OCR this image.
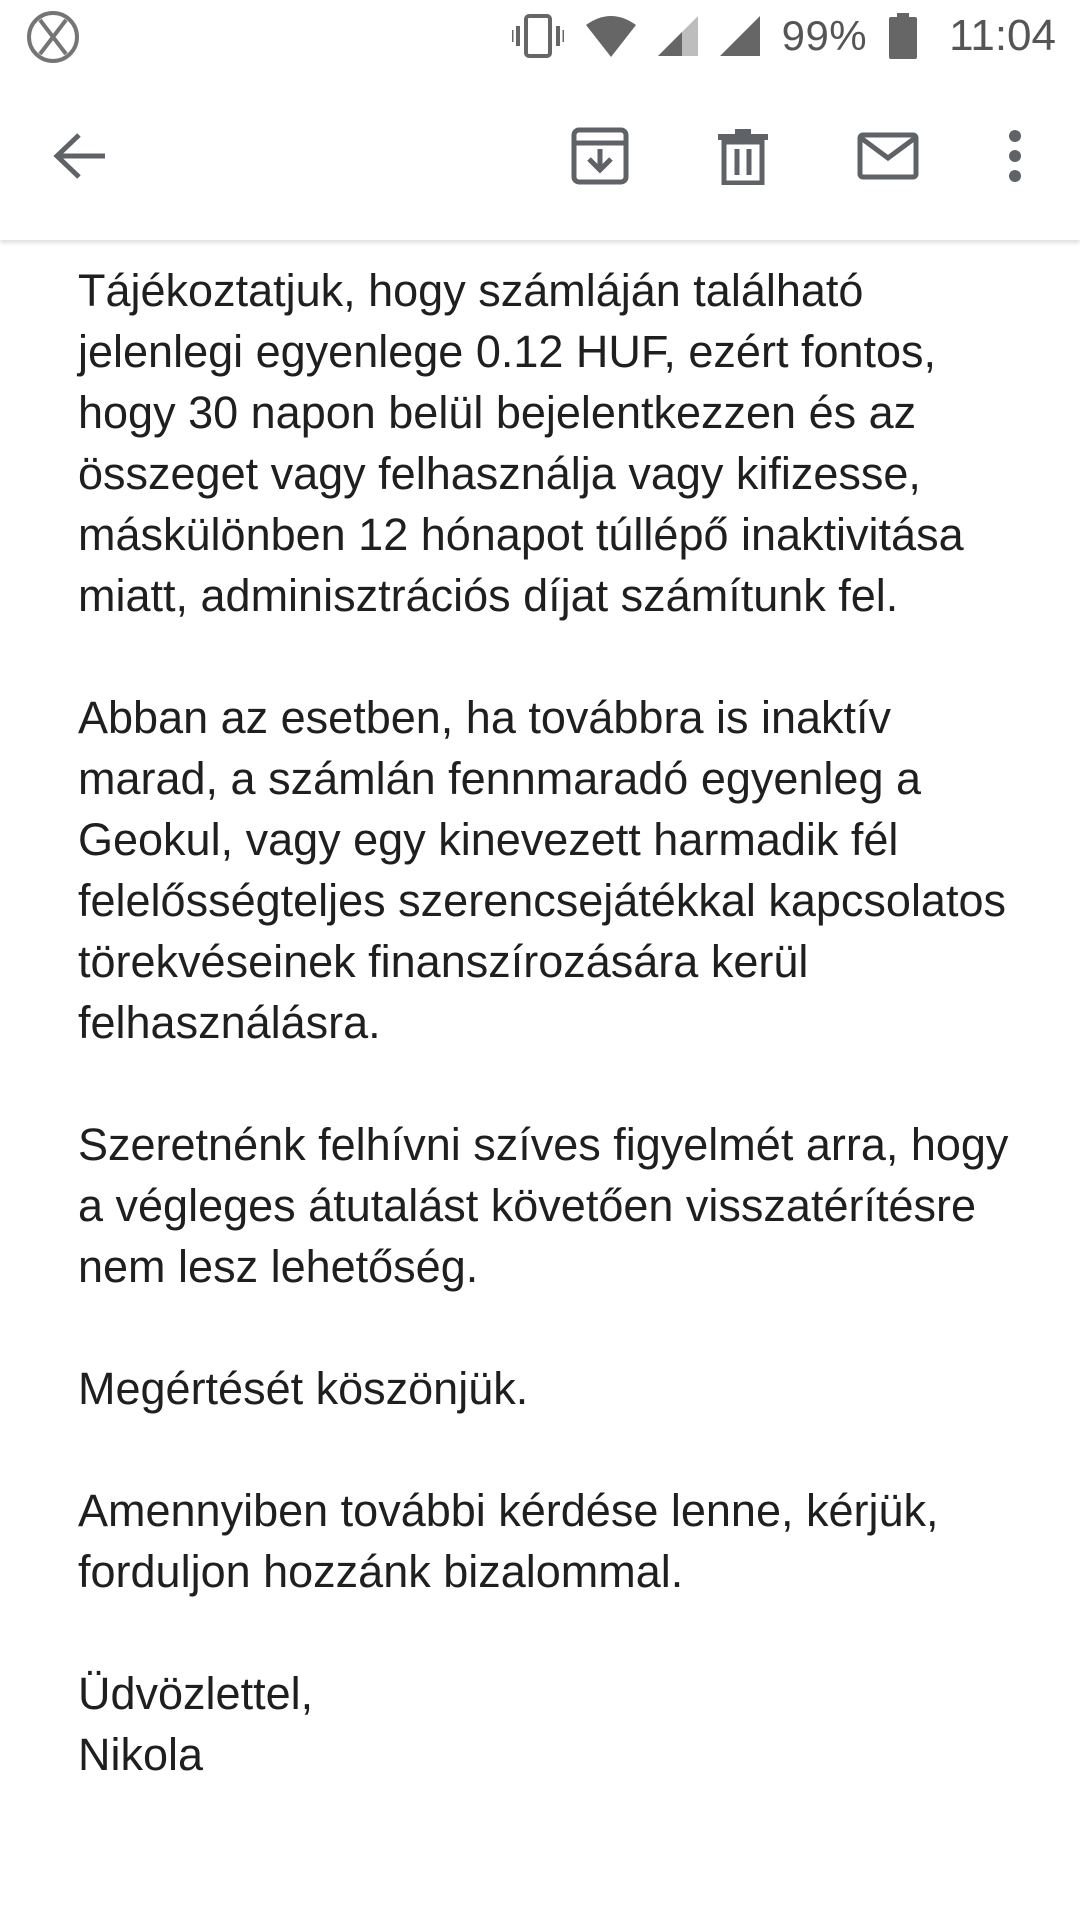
99% 11:04

Tájékoztatjuk, hogy számláján található jelenlegi egyenlege 0.12 HUF, ezért fontos, hogy 30 napon belül bejelentkezzen és az összeget vagy felhasználja vagy kifizesse, máskülönben 12 hónapot túllépő inaktivitása miatt, adminisztrációs díjat számítunk fel.

Abban az esetben, ha továbbra is inaktív marad, a számlán fennmaradó egyenleg a Geokul, vagy egy kinevezett harmadik fél felelősségteljes szerencsejátékkal kapcsolatos törekvéseinek finanszírozására kerül felhasználásra.

Szeretnénk felhívni szíves figyelmét arra, hogy a végleges átutalást követően visszatérítésre nem lesz lehetőség.

Megértését köszönjük.

Amennyiben további kérdése lenne, kérjük, forduljon hozzánk bizalommal.

Üdvözlettel,
Nikola
